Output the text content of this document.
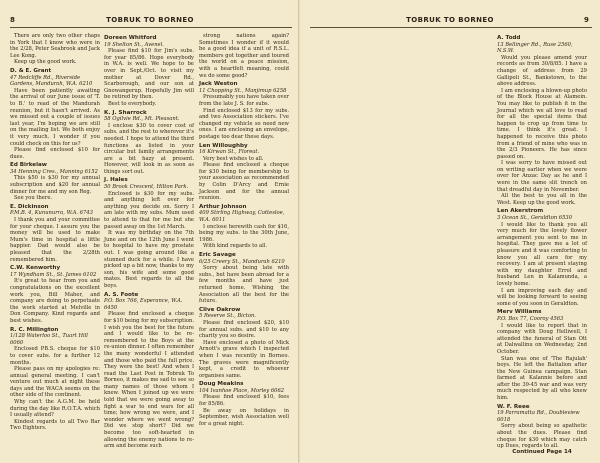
8	TOBRUK TO BORNEO

There are only two other chaps in York that I know who were in the 2/28, Peter Seabrook and Jack Lee Kong.

Keep up the good work.

D. & E. Grant
47 Redcliffe Rd., Riverside Gardens, Mandurah, W.A. 6210

Have been patiently awaiting the arrival of our June issue of 'T. to B.' to read of the Mandurah reunion, but it hasn't arrived. As we missed out a couple of issues last year, I'm hoping we are still on the mailing list. We both enjoy it very much. I wonder if you could check on this for us?

Please find enclosed $10 for dues.

Ed Birkelaw
34 Henning Cres., Manning 6152

This $50 is $30 for my annual subscription and $20 for annual dinner for me and my son Reg.

See you there.

E. Dickinson
P.M.B. 4, Kununurra, W.A. 6743

I thank you and your committee for your cheque. I assure you the money will be used to make Mum's time in hospital a little happier. Dad would also be pleased that the 2/28th remembered him.

C.W. Kenworthy
17 Wyndham St., St. James 6102

It's great to hear from you and congratulations on the excellent work you, Bill Maher, and company are doing to perpetuate the work started at Melville in Don Company. Kind regards and best wishes.

R. C. Millington
1/128 Waterloo St., Tuart Hill 6060

Enclosed PB.S. cheque for $10 to cover subs. for a further 12 months.

Please pass on my apologies re: annual general meeting. I can't venture out much at night these days and the WACA seems on the other side of the continent.

Why can't the A.G.M. be held during the day like R.O.T.A. which I usually attend?

Kindest regards to all Two Bar Two Eighters.

Doreen Whitford
19 Shelton St., Avenel.

Please find $10 for Jim's subs. for year 85/86. Hope everybody in W.A. is well. We hope to be over in Sept./Oct. to visit my mother at Dover Rd., Scarborough, and our son at Gnowangerup. Hopefully Jim will be retired by then.

Best to everybody.

K. J. Sharrock
58 Ogilvie Rd., Mt. Pleasant.

I enclose $30 to cover cost of subs. and the rest to wherever it's needed. I hope to attend the third functions as listed in your circular but family arrangements are a bit hazy at present. However, will look in as soon as things sort out.

J. Hales
50 Brook Crescent, Hilton Park.

Enclosed is $30 for my subs. and anything left over for anything you decide on. Sorry I am late with my subs. Mum used to attend to that for me but she passed away on the 1st March.

It was my birthday on the 7th June and on the 12th June I went to hospital to have my prostate out. I was going around like a stunned duck for a while. I have picked up a bit now, thanks to my son, his wife and some good mates. Best regards to all the boys.

A. S. Foote
P.O. Box 766, Esperance, W.A. 6450

Please find enclosed a cheque for $10 being for my subscription. I wish you the best for the future and I would like to be re-remembered to the Boys at the re-union dinner. I often remember the many wonderful I attended and those who paid the full price. They were the best! And when I read the Last Post in Tobruk To Borneo, it makes me sad to see so many names of those whom I knew. When I joined up we were told that we were going away to fight a war to end wars for all time; how wrong we were, and I wonder where we went wrong? Did we stop short? Did we become too soft-hearted in allowing the enemy nations to re-arm and become such

strong nations again? Sometimes I wonder if it would be a good idea if a unit of R.S.L. members got together and toured the world on a peace mission, with a heartfelt meaning, could we do some good?

Jack Weston
11 Chopping St., Manjimup 6258

Presumably you have taken over from the late J. S. for subs.

Find enclosed $13 for my subs. and two Association stickers. I've changed my vehicle so need new ones. I am enclosing an envelope, postage too dear these days.

Len Willoughby
16 Kirwan St., Floreat.

Very best wishes to all.

Please find enclosed a cheque for $30 being for membership to your association as recommended by Colin D'Arcy and Ernie Jackson and for the annual reunion.

Arthur Johnson
409 Stirling Highway, Cottesloe, W.A. 6011

I enclose herewith cash for $16, being my subs. to the 30th June, 1986.

With kind regards to all.

Eric Savage
6/25 Creery St., Mandurah 6210

Sorry about being late with subs., but have been abroad for a few months and have just returned home. Wishing the Association all the best for the future.

Clive Oakrow
5 Reserve St., Bicton.

Please find enclosed $20, $10 for annual subs. and $10 to any charity you so desire.

Have enclosed a photo of Mick Arnott's grave which I inspected when I was recently in Borneo. The graves were magnificently kept, a credit to whoever organises same.

Doug Meakins
104 Ivanhoe Place, Morley 6062

Please find enclosed $10, fees for 85/86.

Be away on holidays in September, wish Association well for a great night.

TOBRUK TO BORNEO	9
A. Todd
13 Bellinger Rd., Ruse 2560, N.S.W.

Would you please amend your records as from 30/8/85. I have a change of address from 29 Gallipoli St., Bankstown, to the above address.

I am enclosing a blown-up photo of the Block House at Alamein. You may like to publish it in the Journal which we all love to read for all the special items that happen to crop up from time to time. I think it's great. I happened to receive this photo from a friend of mine who was in the 2/3 Pioneers. He has since passed on.

I was sorry to have missed out on writing earlier when we were over for Anzac Day as he and I were in the same slit trench on that dreadful day in November.

All the best to you all in the West. Keep up the good work.

Len Akerstrom
3 Ocean St., Geraldton 6530

I would like to thank you all very much for the lovely flower arrangement you sent to me in hospital. They gave me a lot of pleasure and it was comforting to know you all care for my recovery. I am at present staying with my daughter Errol and husband Len in Kalamunda, a lovely home.

I am improving each day and will be looking forward to seeing some of you soon in Geraldton.

Merv Williams
P.O. Box 77, Cooroy 4563

I would like to report that in company with Doug Helliwell, I attended the funeral of Stan Ott at Dalwallinu on Wednesday, 2nd October.

Stan was one of 'The Rajulah' boys. He left the Battalion after the New Guinea campaign. Stan farmed at Kalannie before and after the 39-45 war and was very much respected by all who knew him.

W. F. Reee
19 Parramatta Rd., Doubleview 6018

Sorry about being so apathetic about the dues. Please find cheque for $30 which may catch up Dues, regards to all.

Continued Page 14
